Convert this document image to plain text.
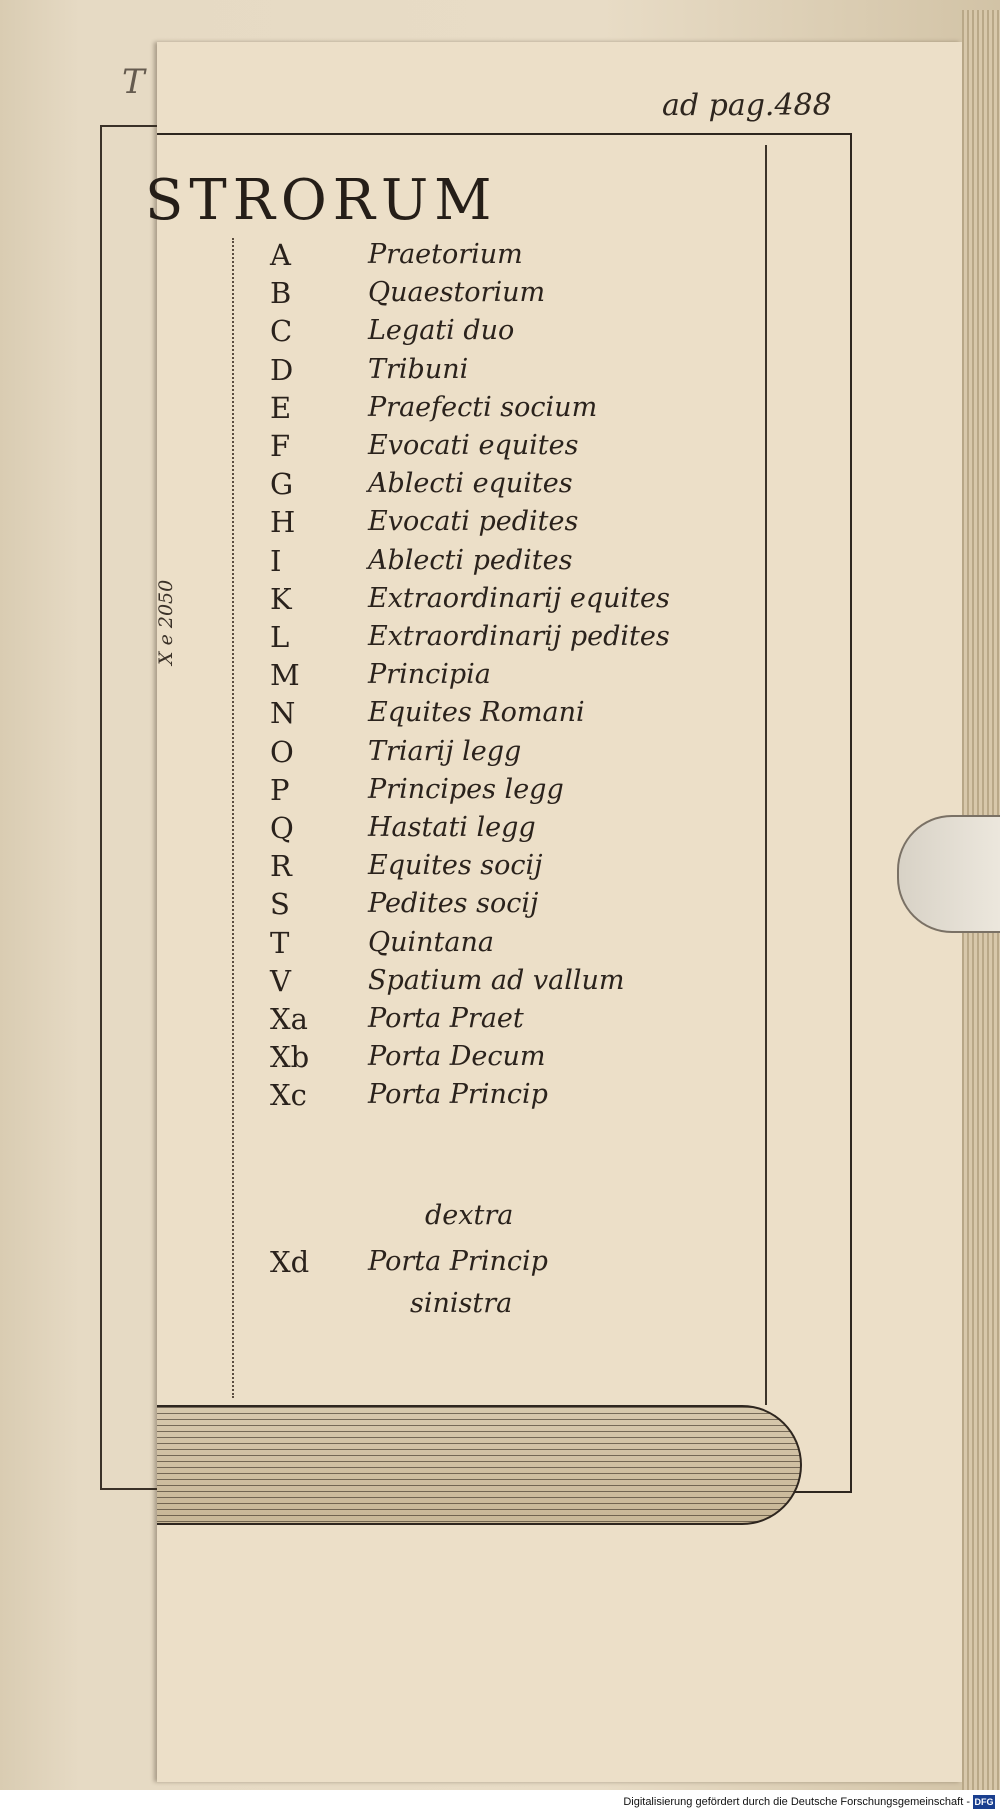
T
ad pag.488
STRORUM
X e 2050
A	Praetorium
B	Quaestorium
C	Legati duo
D	Tribuni
E	Praefecti socium
F	Evocati equites
G	Ablecti equites
H	Evocati pedites
I	Ablecti pedites
K	Extraordinarij equites
L	Extraordinarij pedites
M	Principia
N	Equites Romani
O	Triarij legg
P	Principes legg
Q	Hastati legg
R	Equites socij
S	Pedites socij
T	Quintana
V	Spatium ad vallum
Xa	Porta Praet
Xb	Porta Decum
Xc	Porta Princip
Xd	Porta Princip
dextra
sinistra
Digitalisierung gefördert durch die Deutsche Forschungsgemeinschaft - DFG
